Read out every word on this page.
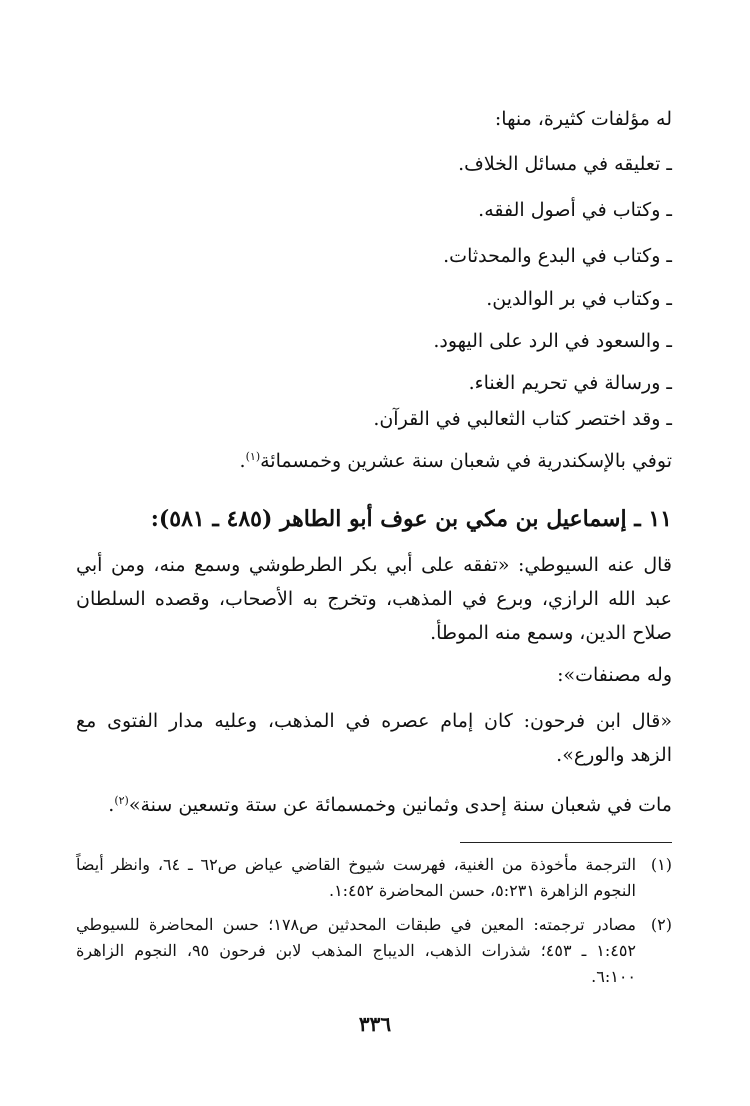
له مؤلفات كثيرة، منها:
ـ تعليقه في مسائل الخلاف.
ـ وكتاب في أصول الفقه.
ـ وكتاب في البدع والمحدثات.
ـ وكتاب في بر الوالدين.
ـ والسعود في الرد على اليهود.
ـ ورسالة في تحريم الغناء.
ـ وقد اختصر كتاب الثعالبي في القرآن.
توفي بالإسكندرية في شعبان سنة عشرين وخمسمائة$^{(١)}$.
١١ ـ إسماعيل بن مكي بن عوف أبو الطاهر (٤٨٥ ـ ٥٨١):
قال عنه السيوطي: «تفقه على أبي بكر الطرطوشي وسمع منه، ومن أبي
عبد الله الرازي، وبرع في المذهب، وتخرج به الأصحاب، وقصده السلطان
صلاح الدين، وسمع منه الموطأ.
وله مصنفات»:
«قال ابن فرحون: كان إمام عصره في المذهب، وعليه مدار الفتوى مع
الزهد والورع».
مات في شعبان سنة إحدى وثمانين وخمسمائة عن ستة وتسعين سنة»$^{(٢)}$.
(١)
الترجمة مأخوذة من الغنية، فهرست شيوخ القاضي عياض ص٦٢ ـ ٦٤، وانظر أيضاً
النجوم الزاهرة ٥:٢٣١، حسن المحاضرة ١:٤٥٢.
(٢)
مصادر ترجمته: المعين في طبقات المحدثين ص١٧٨؛ حسن المحاضرة للسيوطي
١:٤٥٢ ـ ٤٥٣؛ شذرات الذهب، الديباج المذهب لابن فرحون ٩٥، النجوم الزاهرة
٦:١٠٠.
٣٣٦
